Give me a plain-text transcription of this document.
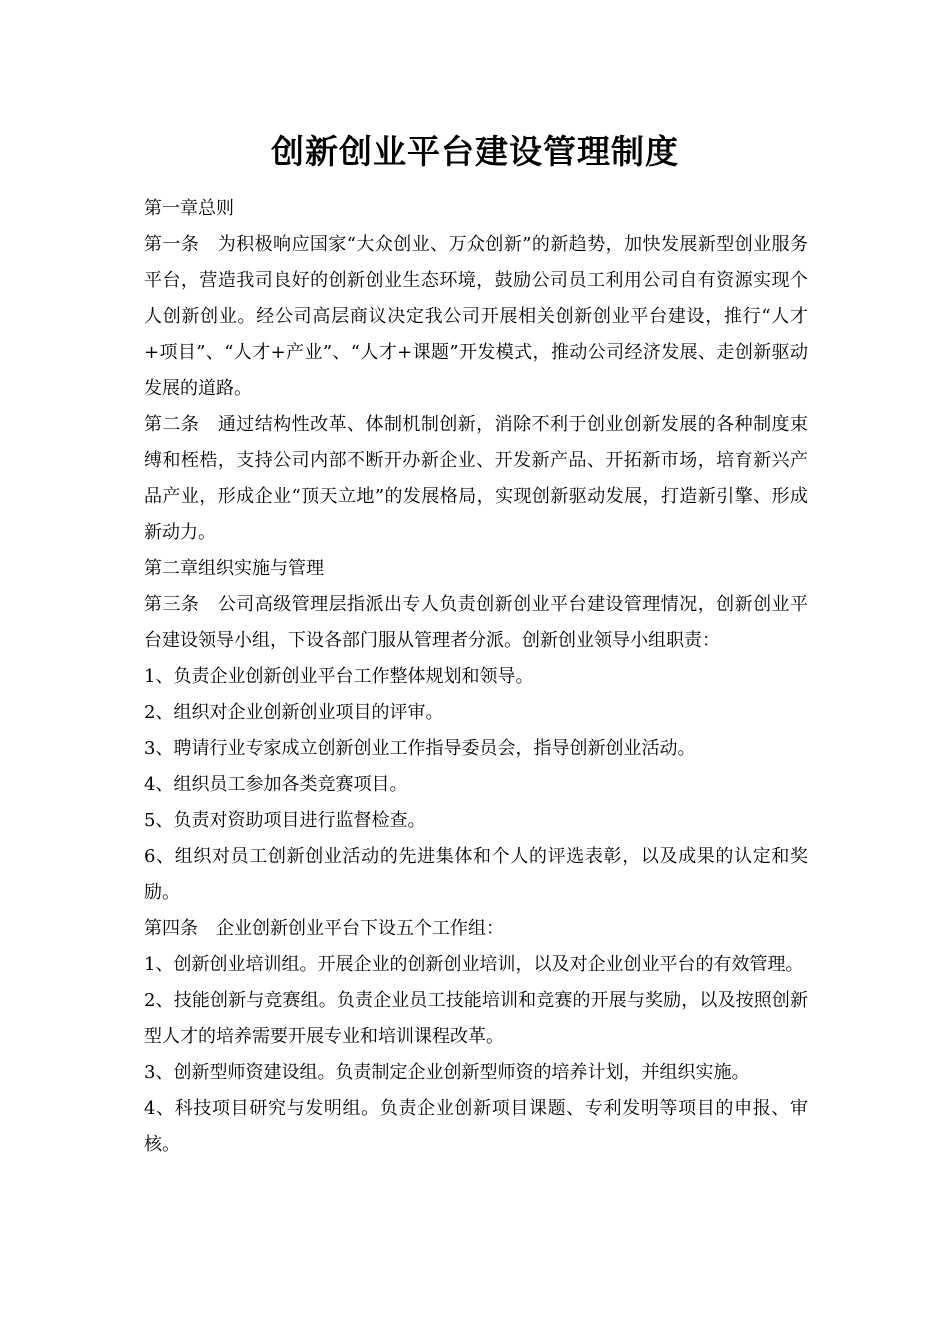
创新创业平台建设管理制度

第一章总则

第一条　为积极响应国家“大众创业、万众创新”的新趋势，加快发展新型创业服务平台，营造我司良好的创新创业生态环境，鼓励公司员工利用公司自有资源实现个人创新创业。经公司高层商议决定我公司开展相关创新创业平台建设，推行“人才+项目”、“人才+产业”、“人才+课题”开发模式，推动公司经济发展、走创新驱动发展的道路。

第二条　通过结构性改革、体制机制创新，消除不利于创业创新发展的各种制度束缚和桎梏，支持公司内部不断开办新企业、开发新产品、开拓新市场，培育新兴产品产业，形成企业“顶天立地”的发展格局，实现创新驱动发展，打造新引擎、形成新动力。

第二章组织实施与管理

第三条　公司高级管理层指派出专人负责创新创业平台建设管理情况，创新创业平台建设领导小组，下设各部门服从管理者分派。创新创业领导小组职责：

1、负责企业创新创业平台工作整体规划和领导。

2、组织对企业创新创业项目的评审。

3、聘请行业专家成立创新创业工作指导委员会，指导创新创业活动。

4、组织员工参加各类竞赛项目。

5、负责对资助项目进行监督检查。

6、组织对员工创新创业活动的先进集体和个人的评选表彰，以及成果的认定和奖励。

第四条　企业创新创业平台下设五个工作组：

1、创新创业培训组。开展企业的创新创业培训，以及对企业创业平台的有效管理。

2、技能创新与竞赛组。负责企业员工技能培训和竞赛的开展与奖励，以及按照创新型人才的培养需要开展专业和培训课程改革。

3、创新型师资建设组。负责制定企业创新型师资的培养计划，并组织实施。

4、科技项目研究与发明组。负责企业创新项目课题、专利发明等项目的申报、审核。
